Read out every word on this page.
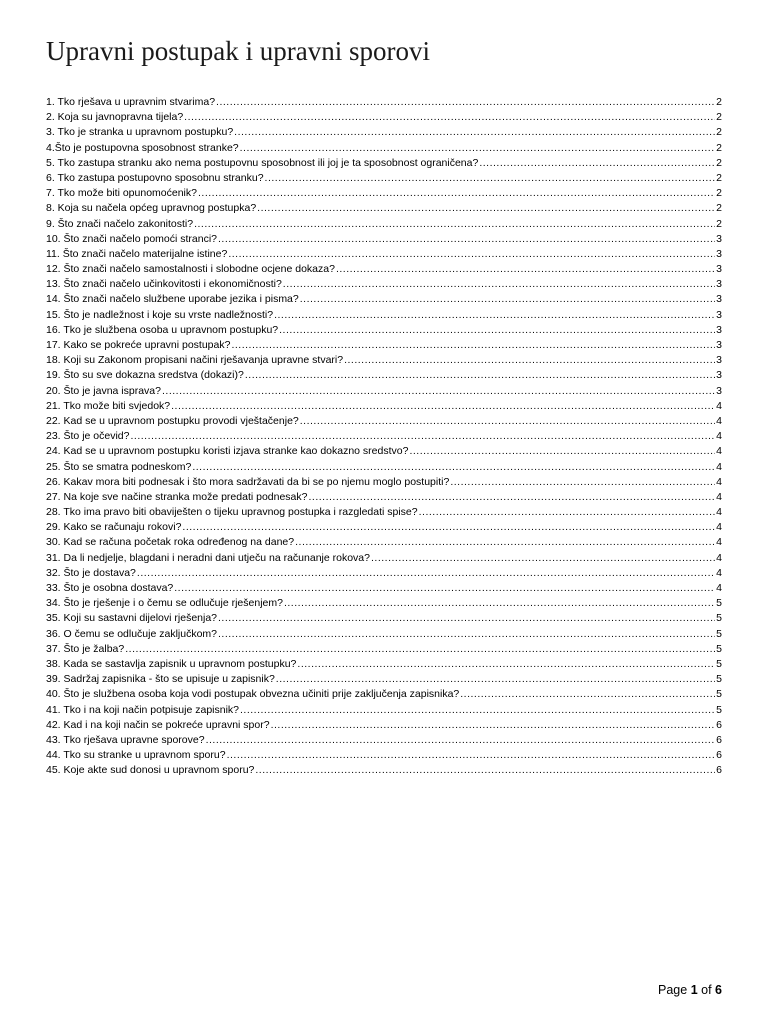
Upravni postupak i upravni sporovi
1. Tko rješava u upravnim stvarima? .....	2
2. Koja su javnopravna tijela? .....	2
3. Tko je stranka u upravnom postupku? .....	2
4.Što je postupovna sposobnost stranke? .....	2
5. Tko zastupa stranku ako nema postupovnu sposobnost ili joj je ta sposobnost ograničena? .....	2
6. Tko zastupa postupovno sposobnu stranku? .....	2
7. Tko može biti opunomoćenik? .....	2
8. Koja su načela općeg upravnog postupka? .....	2
9. Što znači načelo zakonitosti? .....	2
10. Što znači načelo pomoći stranci? .....	3
11. Što znači načelo materijalne istine? .....	3
12. Što znači načelo samostalnosti i slobodne ocjene dokaza? .....	3
13. Što znači načelo učinkovitosti i ekonomičnosti? .....	3
14. Što znači načelo službene uporabe jezika i pisma? .....	3
15. Što je nadležnost i koje su vrste nadležnosti? .....	3
16. Tko je službena osoba u upravnom postupku? .....	3
17. Kako se pokreće upravni postupak? .....	3
18. Koji su Zakonom propisani načini rješavanja upravne stvari? .....	3
19. Što su sve dokazna sredstva (dokazi)? .....	3
20. Što je javna isprava? .....	3
21. Tko može biti svjedok? .....	4
22. Kad se u upravnom postupku provodi vještačenje? .....	4
23. Što je očevid? .....	4
24. Kad se u upravnom postupku koristi izjava stranke kao dokazno sredstvo? .....	4
25. Što se smatra podneskom? .....	4
26. Kakav mora biti podnesak i što mora sadržavati da bi se po njemu moglo postupiti? .....	4
27. Na koje sve načine stranka može predati podnesak? .....	4
28. Tko ima pravo biti obaviješten o tijeku upravnog postupka i razgledati spise? .....	4
29. Kako se računaju rokovi? .....	4
30. Kad se računa početak roka određenog na dane? .....	4
31. Da li nedjelje, blagdani i neradni dani utječu na računanje rokova? .....	4
32. Što je dostava? .....	4
33. Što je osobna dostava? .....	4
34. Što je rješenje i o čemu se odlučuje rješenjem? .....	5
35. Koji su sastavni dijelovi rješenja? .....	5
36. O čemu se odlučuje zaključkom? .....	5
37. Što je žalba? .....	5
38. Kada se sastavlja zapisnik u upravnom postupku? .....	5
39. Sadržaj zapisnika - što se upisuje u zapisnik? .....	5
40. Što je službena osoba koja vodi postupak obvezna učiniti prije zaključenja zapisnika? .....	5
41. Tko i na koji način potpisuje zapisnik? .....	5
42. Kad i na koji način se pokreće upravni spor? .....	6
43. Tko rješava upravne sporove? .....	6
44. Tko su stranke u upravnom sporu? .....	6
45. Koje akte sud donosi u upravnom sporu? .....	6
Page 1 of 6
